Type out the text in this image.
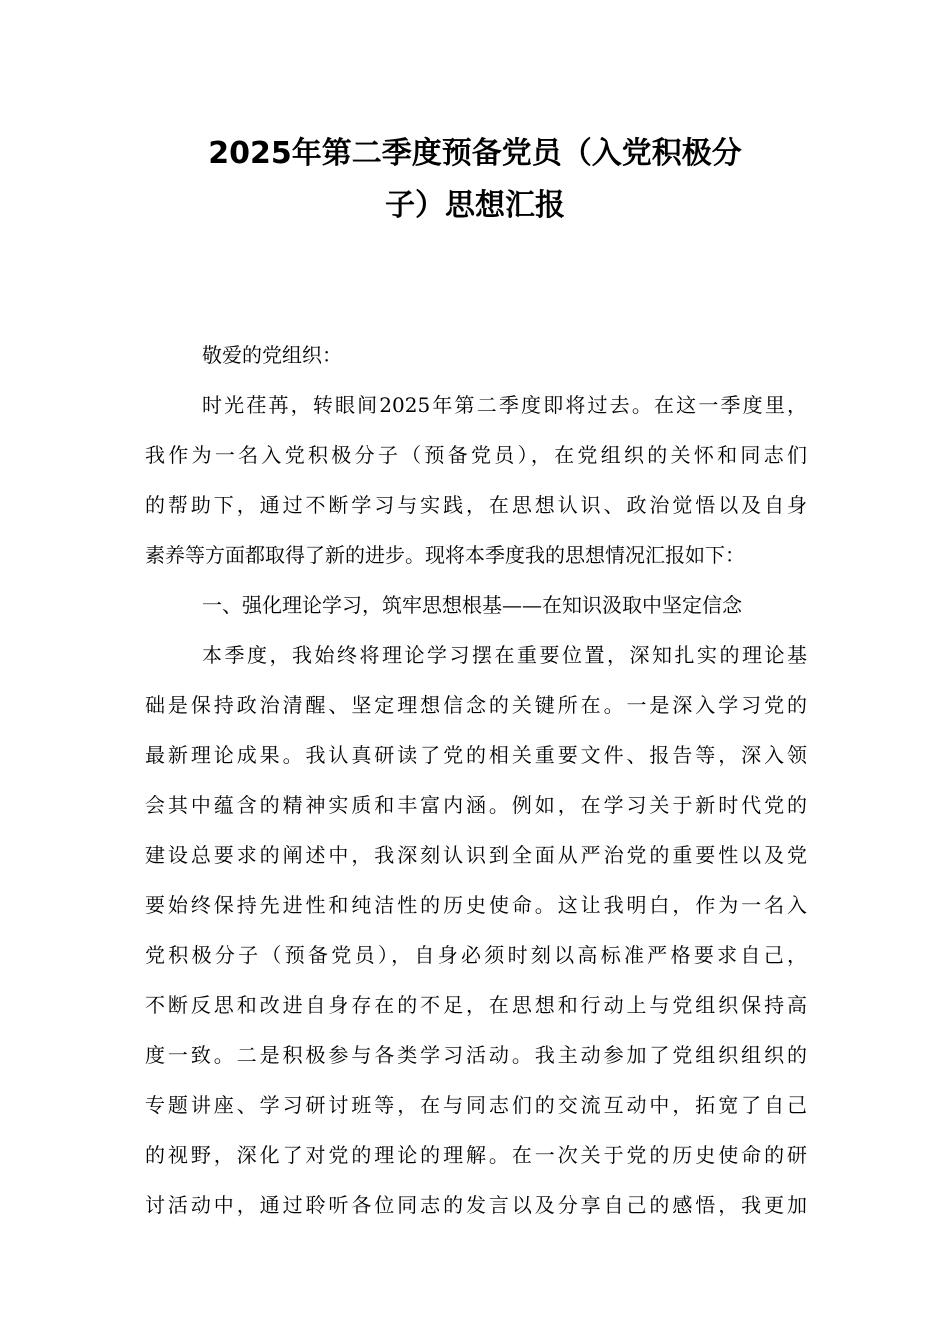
2025年第二季度预备党员（入党积极分
子）思想汇报
敬爱的党组织：
时光荏苒，转眼间2025年第二季度即将过去。在这一季度里，
我作为一名入党积极分子（预备党员），在党组织的关怀和同志们
的帮助下，通过不断学习与实践，在思想认识、政治觉悟以及自身
素养等方面都取得了新的进步。现将本季度我的思想情况汇报如下：
一、强化理论学习，筑牢思想根基——在知识汲取中坚定信念
本季度，我始终将理论学习摆在重要位置，深知扎实的理论基
础是保持政治清醒、坚定理想信念的关键所在。一是深入学习党的
最新理论成果。我认真研读了党的相关重要文件、报告等，深入领
会其中蕴含的精神实质和丰富内涵。例如，在学习关于新时代党的
建设总要求的阐述中，我深刻认识到全面从严治党的重要性以及党
要始终保持先进性和纯洁性的历史使命。这让我明白，作为一名入
党积极分子（预备党员），自身必须时刻以高标准严格要求自己，
不断反思和改进自身存在的不足，在思想和行动上与党组织保持高
度一致。二是积极参与各类学习活动。我主动参加了党组织组织的
专题讲座、学习研讨班等，在与同志们的交流互动中，拓宽了自己
的视野，深化了对党的理论的理解。在一次关于党的历史使命的研
讨活动中，通过聆听各位同志的发言以及分享自己的感悟，我更加
